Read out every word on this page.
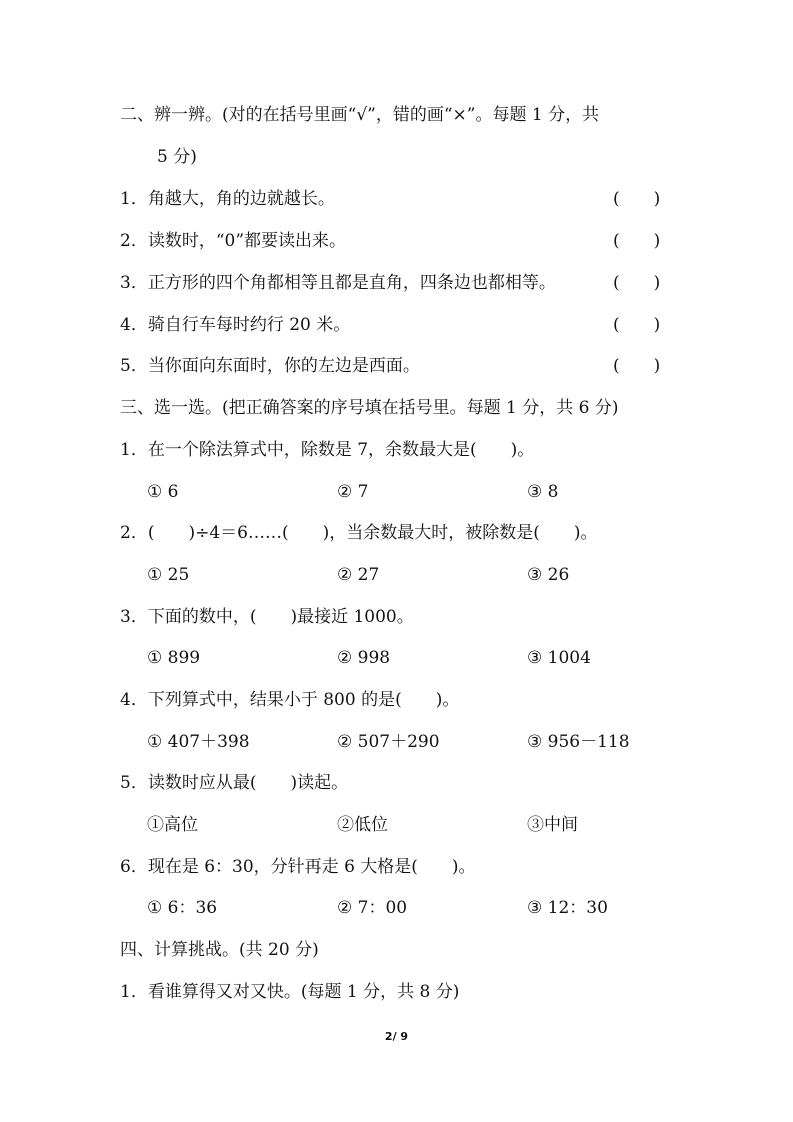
二、辨一辨。(对的在括号里画“√”，错的画“×”。每题 1 分，共
5 分)
1．角越大，角的边就越长。	(　　)
2．读数时，“0”都要读出来。	(　　)
3．正方形的四个角都相等且都是直角，四条边也都相等。	(　　)
4．骑自行车每时约行 20 米。	(　　)
5．当你面向东面时，你的左边是西面。	(　　)
三、选一选。(把正确答案的序号填在括号里。每题 1 分，共 6 分)
1．在一个除法算式中，除数是 7，余数最大是(　　)。
① 6	② 7	③ 8
2．(　　)÷4＝6……(　　)，当余数最大时，被除数是(　　)。
① 25	② 27	③ 26
3．下面的数中，(　　)最接近 1000。
① 899	② 998	③ 1004
4．下列算式中，结果小于 800 的是(　　)。
① 407＋398	② 507＋290	③ 956－118
5．读数时应从最(　　)读起。
①高位	②低位	③中间
6．现在是 6：30，分针再走 6 大格是(　　)。
① 6：36	② 7：00	③ 12：30
四、计算挑战。(共 20 分)
1．看谁算得又对又快。(每题 1 分，共 8 分)
2/ 9
